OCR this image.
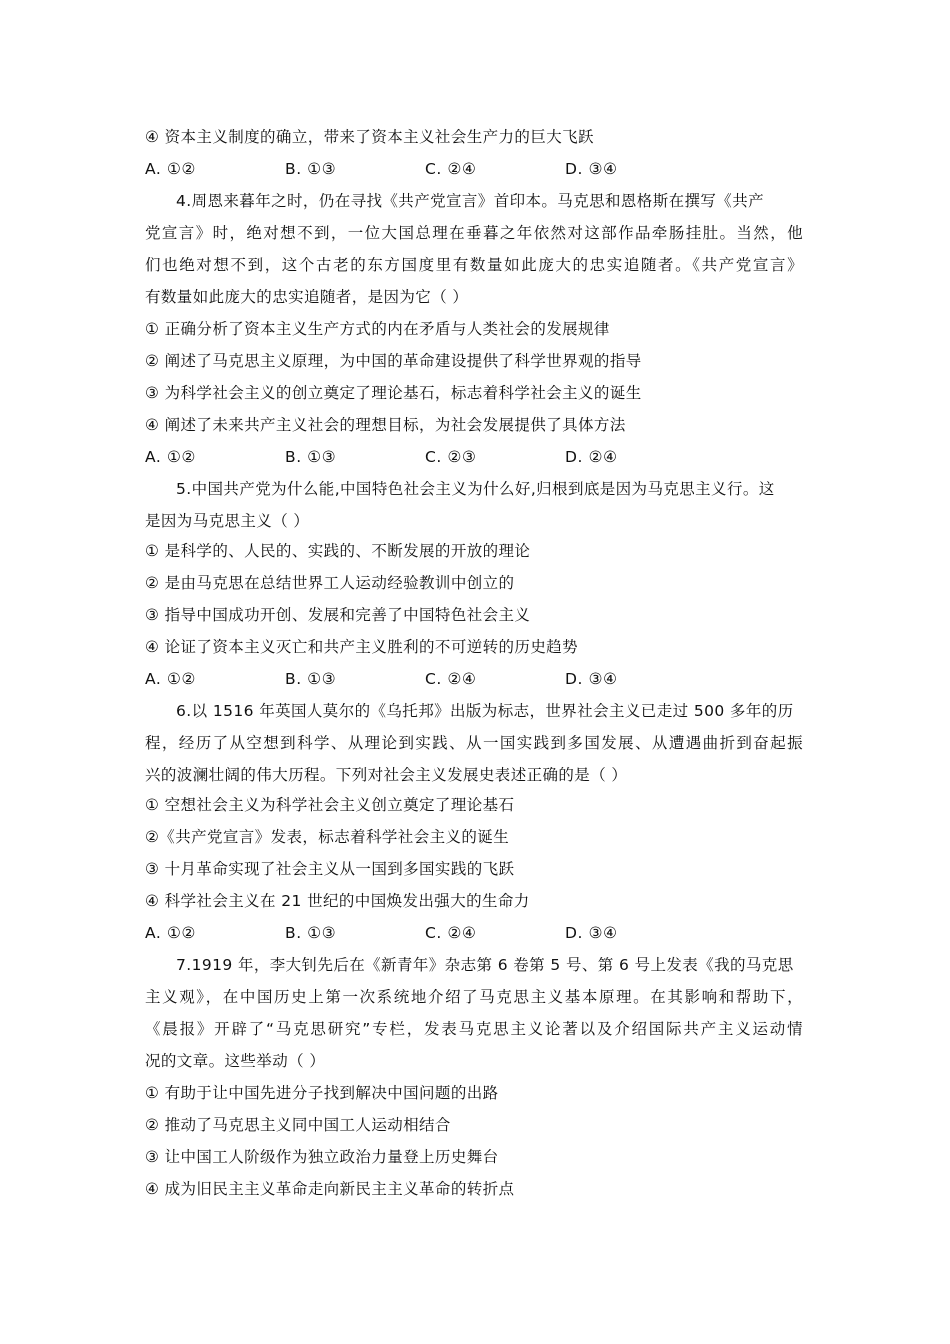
④ 资本主义制度的确立，带来了资本主义社会生产力的巨大飞跃
A. ①②	B. ①③	C. ②④	D. ③④
4.周恩来暮年之时，仍在寻找《共产党宣言》首印本。马克思和恩格斯在撰写《共产
党宣言》时，绝对想不到，一位大国总理在垂暮之年依然对这部作品牵肠挂肚。当然，他
们也绝对想不到，这个古老的东方国度里有数量如此庞大的忠实追随者。《共产党宣言》
有数量如此庞大的忠实追随者，是因为它（ ）
① 正确分析了资本主义生产方式的内在矛盾与人类社会的发展规律
② 阐述了马克思主义原理，为中国的革命建设提供了科学世界观的指导
③ 为科学社会主义的创立奠定了理论基石，标志着科学社会主义的诞生
④ 阐述了未来共产主义社会的理想目标，为社会发展提供了具体方法
A. ①②	B. ①③	C. ②③	D. ②④
5.中国共产党为什么能,中国特色社会主义为什么好,归根到底是因为马克思主义行。这
是因为马克思主义（ ）
① 是科学的、人民的、实践的、不断发展的开放的理论
② 是由马克思在总结世界工人运动经验教训中创立的
③ 指导中国成功开创、发展和完善了中国特色社会主义
④ 论证了资本主义灭亡和共产主义胜利的不可逆转的历史趋势
A. ①②	B. ①③	C. ②④	D. ③④
6.以 1516 年英国人莫尔的《乌托邦》出版为标志，世界社会主义已走过 500 多年的历
程，经历了从空想到科学、从理论到实践、从一国实践到多国发展、从遭遇曲折到奋起振
兴的波澜壮阔的伟大历程。下列对社会主义发展史表述正确的是（ ）
① 空想社会主义为科学社会主义创立奠定了理论基石
②《共产党宣言》发表，标志着科学社会主义的诞生
③ 十月革命实现了社会主义从一国到多国实践的飞跃
④ 科学社会主义在 21 世纪的中国焕发出强大的生命力
A. ①②	B. ①③	C. ②④	D. ③④
7.1919 年，李大钊先后在《新青年》杂志第 6 卷第 5 号、第 6 号上发表《我的马克思
主义观》，在中国历史上第一次系统地介绍了马克思主义基本原理。在其影响和帮助下，
《晨报》开辟了“马克思研究”专栏，发表马克思主义论著以及介绍国际共产主义运动情
况的文章。这些举动（ ）
① 有助于让中国先进分子找到解决中国问题的出路
② 推动了马克思主义同中国工人运动相结合
③ 让中国工人阶级作为独立政治力量登上历史舞台
④ 成为旧民主主义革命走向新民主主义革命的转折点
